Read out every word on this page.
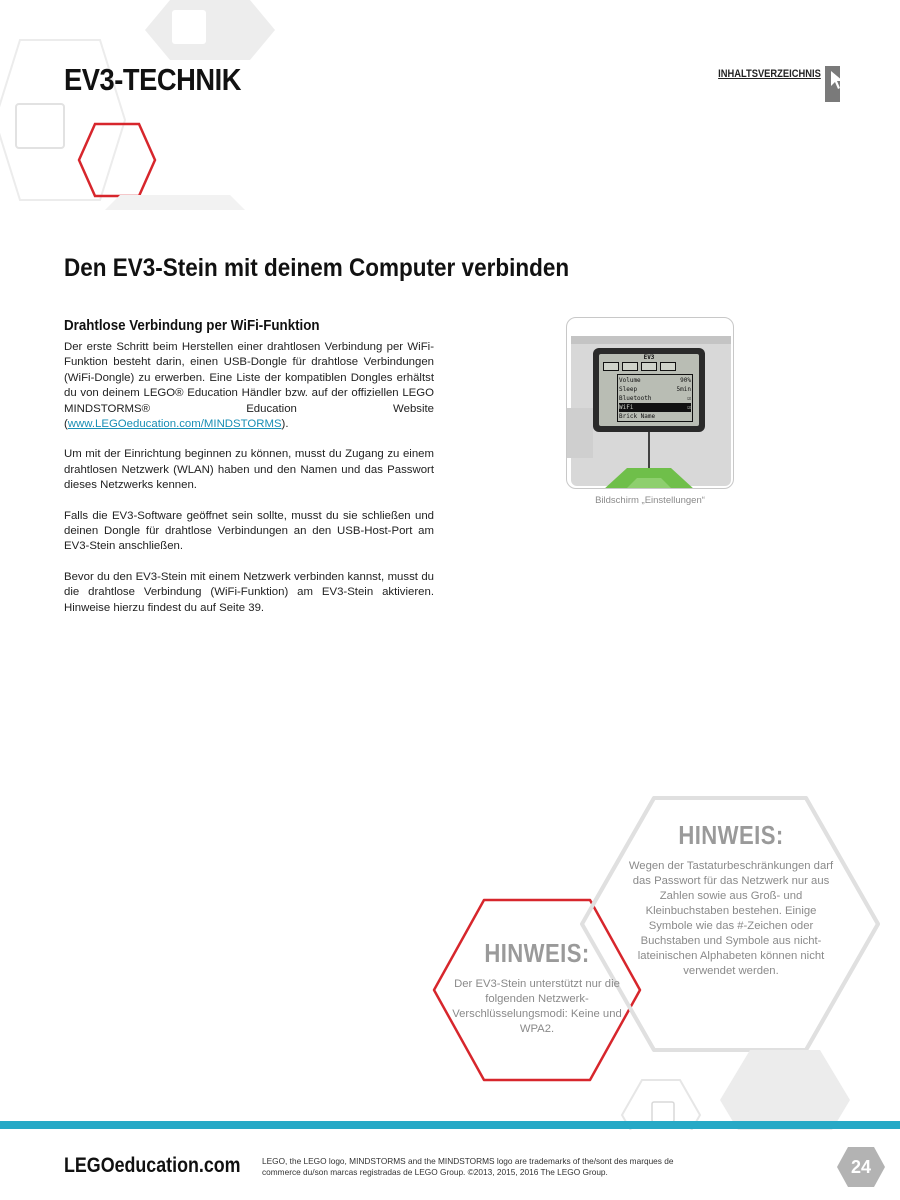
EV3-TECHNIK	INHALTSVERZEICHNIS
Den EV3-Stein mit deinem Computer verbinden
Drahtlose Verbindung per WiFi-Funktion

Der erste Schritt beim Herstellen einer drahtlosen Verbindung per WiFi-Funktion besteht darin, einen USB-Dongle für drahtlose Verbindungen (WiFi-Dongle) zu erwerben. Eine Liste der kompatiblen Dongles erhältst du von deinem LEGO® Education Händler bzw. auf der offiziellen LEGO MINDSTORMS® Education Website (www.LEGOeducation.com/MINDSTORMS).

Um mit der Einrichtung beginnen zu können, musst du Zugang zu einem drahtlosen Netzwerk (WLAN) haben und den Namen und das Passwort dieses Netzwerks kennen.

Falls die EV3-Software geöffnet sein sollte, musst du sie schließen und deinen Dongle für drahtlose Verbindungen an den USB-Host-Port am EV3-Stein anschließen.

Bevor du den EV3-Stein mit einem Netzwerk verbinden kannst, musst du die drahtlose Verbindung (WiFi-Funktion) am EV3-Stein aktivieren. Hinweise hierzu findest du auf Seite 39.

EV3
Volume	90%
Sleep	5min
Bluetooth	☑
WiFi	☑
Brick Name
Bildschirm „Einstellungen“
HINWEIS:
Wegen der Tastaturbeschränkungen darf das Passwort für das Netzwerk nur aus Zahlen sowie aus Groß- und Kleinbuchstaben bestehen. Einige Symbole wie das #-Zeichen oder Buchstaben und Symbole aus nicht-lateinischen Alphabeten können nicht verwendet werden.
HINWEIS:
Der EV3-Stein unterstützt nur die folgenden Netzwerk-Verschlüsselungsmodi: Keine und WPA2.
LEGOeducation.com	LEGO, the LEGO logo, MINDSTORMS and the MINDSTORMS logo are trademarks of the/sont des marques de commerce du/son marcas registradas de LEGO Group. ©2013, 2015, 2016 The LEGO Group.	24
